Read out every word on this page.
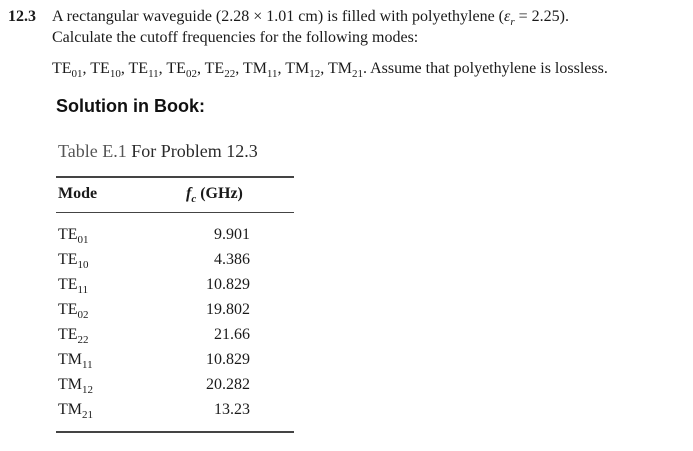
12.3 A rectangular waveguide (2.28 × 1.01 cm) is filled with polyethylene $(\varepsilon_r = 2.25)$.
Calculate the cutoff frequencies for the following modes:
$TE_{01}$, $TE_{10}$, $TE_{11}$, $TE_{02}$, $TE_{22}$, $TM_{11}$, $TM_{12}$, $TM_{21}$. Assume that polyethylene is lossless.
Solution in Book:
Table E.1 For Problem 12.3
Mode	$f_c$ (GHz)
$TE_{01}$	9.901
$TE_{10}$	4.386
$TE_{11}$	10.829
$TE_{02}$	19.802
$TE_{22}$	21.66
$TM_{11}$	10.829
$TM_{12}$	20.282
$TM_{21}$	13.23
